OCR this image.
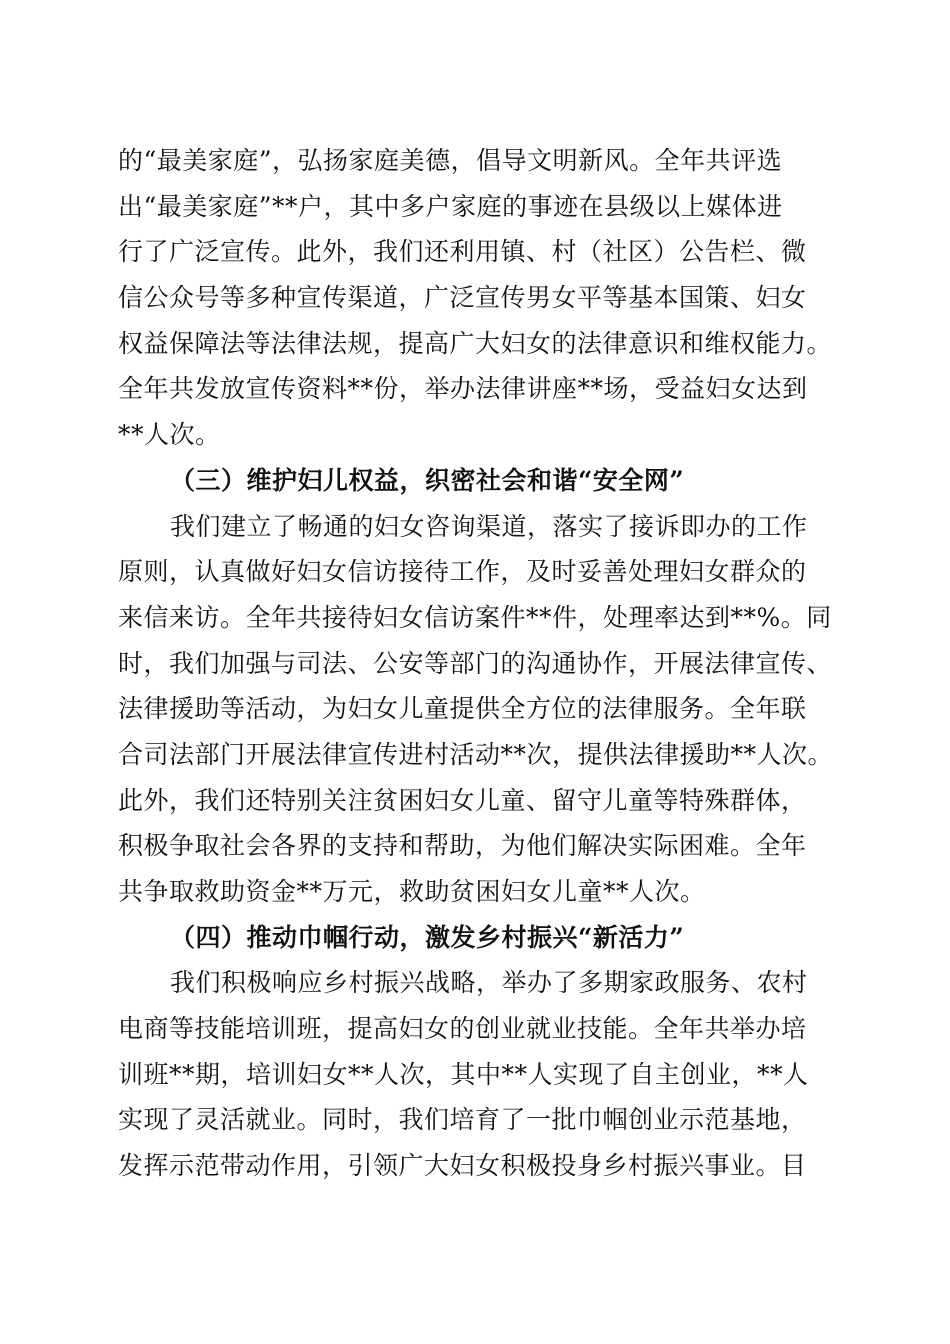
的“最美家庭”，弘扬家庭美德，倡导文明新风。全年共评选
出“最美家庭”**户，其中多户家庭的事迹在县级以上媒体进
行了广泛宣传。此外，我们还利用镇、村（社区）公告栏、微
信公众号等多种宣传渠道，广泛宣传男女平等基本国策、妇女
权益保障法等法律法规，提高广大妇女的法律意识和维权能力。
全年共发放宣传资料**份，举办法律讲座**场，受益妇女达到
**人次。
（三）维护妇儿权益，织密社会和谐“安全网”
我们建立了畅通的妇女咨询渠道，落实了接诉即办的工作
原则，认真做好妇女信访接待工作，及时妥善处理妇女群众的
来信来访。全年共接待妇女信访案件**件，处理率达到**%。同
时，我们加强与司法、公安等部门的沟通协作，开展法律宣传、
法律援助等活动，为妇女儿童提供全方位的法律服务。全年联
合司法部门开展法律宣传进村活动**次，提供法律援助**人次。
此外，我们还特别关注贫困妇女儿童、留守儿童等特殊群体，
积极争取社会各界的支持和帮助，为他们解决实际困难。全年
共争取救助资金**万元，救助贫困妇女儿童**人次。
（四）推动巾帼行动，激发乡村振兴“新活力”
我们积极响应乡村振兴战略，举办了多期家政服务、农村
电商等技能培训班，提高妇女的创业就业技能。全年共举办培
训班**期，培训妇女**人次，其中**人实现了自主创业，**人
实现了灵活就业。同时，我们培育了一批巾帼创业示范基地，
发挥示范带动作用，引领广大妇女积极投身乡村振兴事业。目
